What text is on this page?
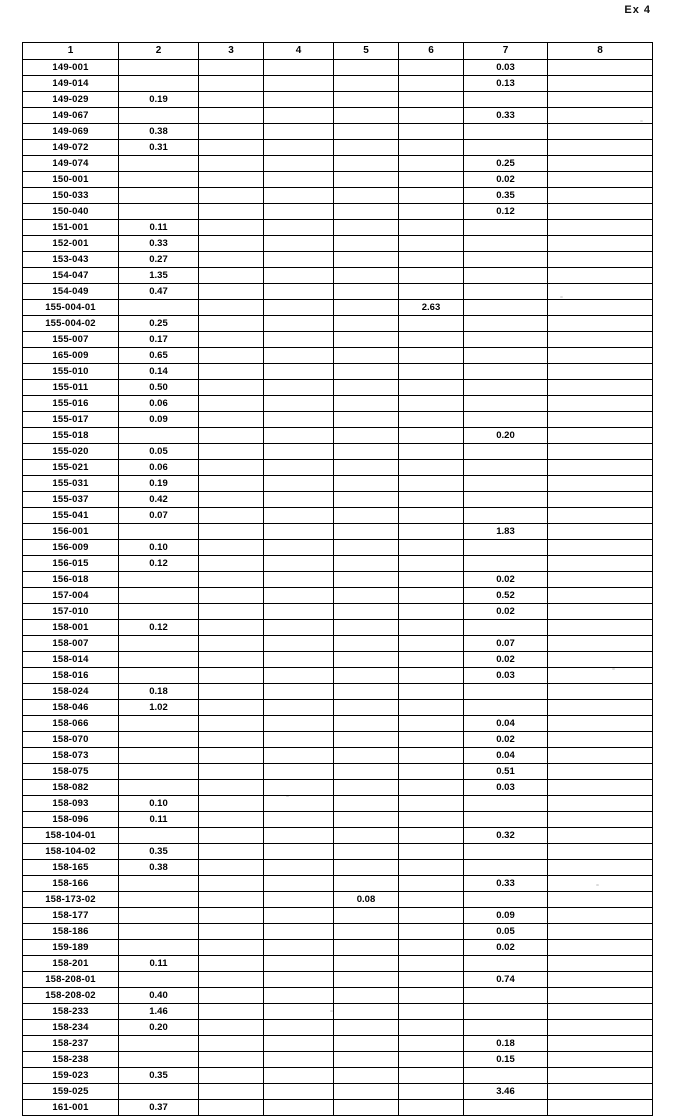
Ex 4
1	2	3	4	5	6	7	8
149-001						0.03	
149-014						0.13	
149-029	0.19						
149-067						0.33	
149-069	0.38						
149-072	0.31						
149-074						0.25	
150-001						0.02	
150-033						0.35	
150-040						0.12	
151-001	0.11						
152-001	0.33						
153-043	0.27						
154-047	1.35						
154-049	0.47						
155-004-01					2.63		
155-004-02	0.25						
155-007	0.17						
165-009	0.65						
155-010	0.14						
155-011	0.50						
155-016	0.06						
155-017	0.09						
155-018						0.20	
155-020	0.05						
155-021	0.06						
155-031	0.19						
155-037	0.42						
155-041	0.07						
156-001						1.83	
156-009	0.10						
156-015	0.12						
156-018						0.02	
157-004						0.52	
157-010						0.02	
158-001	0.12						
158-007						0.07	
158-014						0.02	
158-016						0.03	
158-024	0.18						
158-046	1.02						
158-066						0.04	
158-070						0.02	
158-073						0.04	
158-075						0.51	
158-082						0.03	
158-093	0.10						
158-096	0.11						
158-104-01						0.32	
158-104-02	0.35						
158-165	0.38						
158-166						0.33	
158-173-02				0.08			
158-177						0.09	
158-186						0.05	
159-189						0.02	
158-201	0.11						
158-208-01						0.74	
158-208-02	0.40						
158-233	1.46						
158-234	0.20						
158-237						0.18	
158-238						0.15	
159-023	0.35						
159-025						3.46	
161-001	0.37						
